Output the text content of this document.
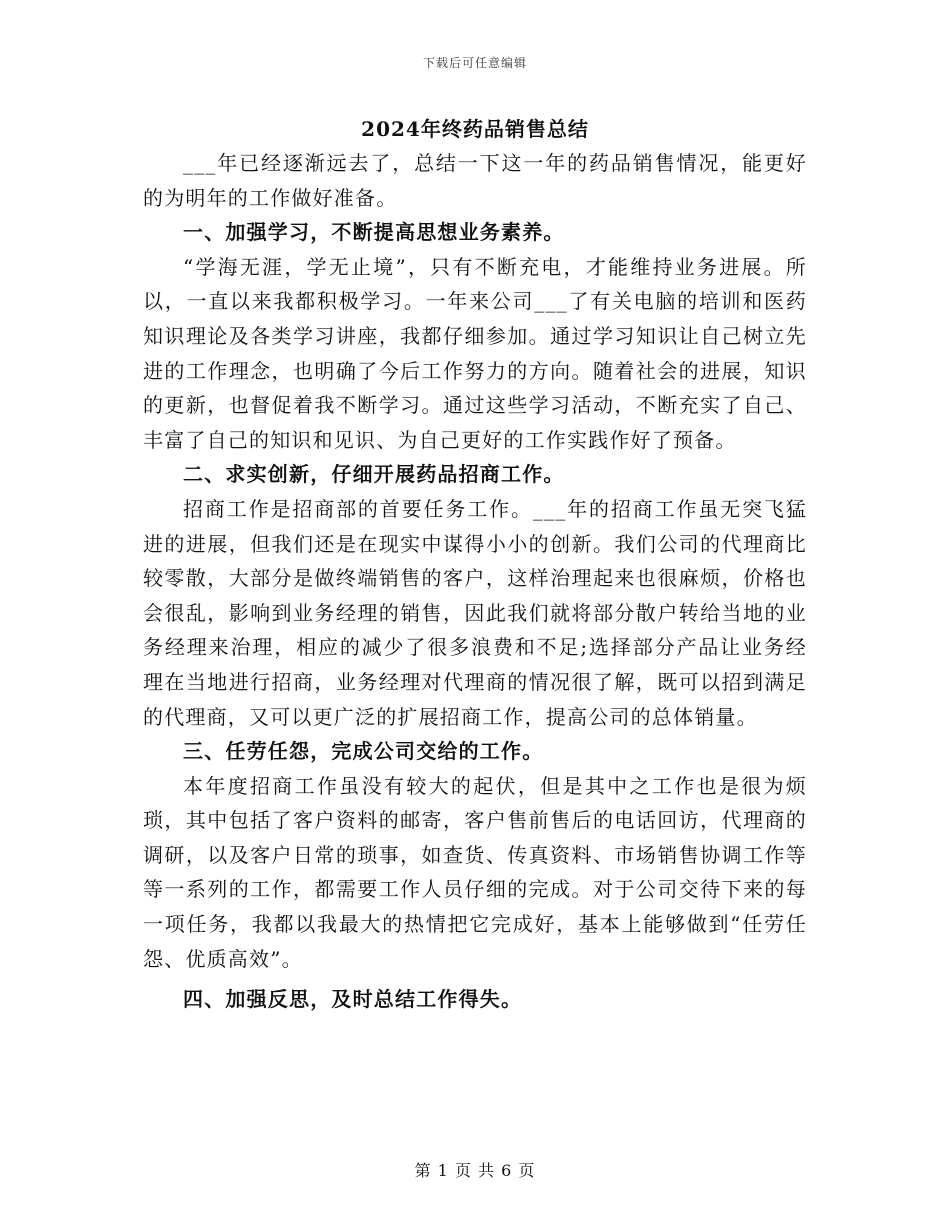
下载后可任意编辑
2024年终药品销售总结

___年已经逐渐远去了，总结一下这一年的药品销售情况，能更好的为明年的工作做好准备。

一、加强学习，不断提高思想业务素养。

“学海无涯，学无止境”，只有不断充电，才能维持业务进展。所以，一直以来我都积极学习。一年来公司___了有关电脑的培训和医药知识理论及各类学习讲座，我都仔细参加。通过学习知识让自己树立先进的工作理念，也明确了今后工作努力的方向。随着社会的进展，知识的更新，也督促着我不断学习。通过这些学习活动，不断充实了自己、丰富了自己的知识和见识、为自己更好的工作实践作好了预备。

二、求实创新，仔细开展药品招商工作。

招商工作是招商部的首要任务工作。___年的招商工作虽无突飞猛进的进展，但我们还是在现实中谋得小小的创新。我们公司的代理商比较零散，大部分是做终端销售的客户，这样治理起来也很麻烦，价格也会很乱，影响到业务经理的销售，因此我们就将部分散户转给当地的业务经理来治理，相应的减少了很多浪费和不足;选择部分产品让业务经理在当地进行招商，业务经理对代理商的情况很了解，既可以招到满足的代理商，又可以更广泛的扩展招商工作，提高公司的总体销量。

三、任劳任怨，完成公司交给的工作。

本年度招商工作虽没有较大的起伏，但是其中之工作也是很为烦琐，其中包括了客户资料的邮寄，客户售前售后的电话回访，代理商的调研，以及客户日常的琐事，如查货、传真资料、市场销售协调工作等等一系列的工作，都需要工作人员仔细的完成。对于公司交待下来的每一项任务，我都以我最大的热情把它完成好，基本上能够做到“任劳任怨、优质高效”。

四、加强反思，及时总结工作得失。

第 1 页 共 6 页
